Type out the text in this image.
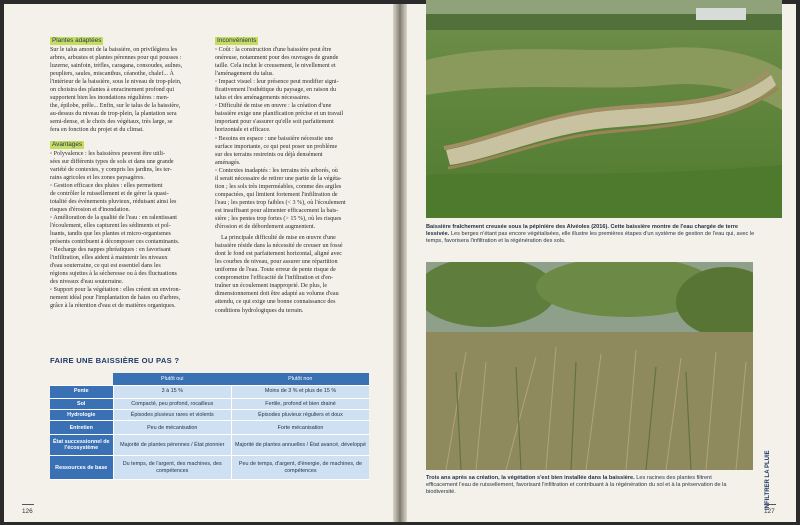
Plantes adaptées

Sur le talus amont de la baissière, on privilégiera les

arbres, arbustes et plantes pérennes pour qui pousses :

luzerne, sainfoin, trèfles, caragana, consoudes, aulnes,

peupliers, saules, miscanthus, céanothe, chalef... À

l'intérieur de la baissière, sous le niveau de trop-plein,

on choisira des plantes à enracinement profond qui

supportent bien les inondations régulières : men-

the, épilobe, prêle... Enfin, sur le talus de la baissière,

au-dessus du niveau de trop-plein, la plantation sera

semi-dense, et le choix des végétaux, très large, se

fera en fonction du projet et du climat.

Avantages

◦ Polyvalence : les baissières peuvent être utili-

sées sur différents types de sols et dans une grande

variété de contextes, y compris les jardins, les ter-

rains agricoles et les zones paysagères.

◦ Gestion efficace des pluies : elles permettent

de contrôler le ruissellement et de gérer la quasi-

totalité des événements pluvieux, réduisant ainsi les

risques d'érosion et d'inondation.

◦ Amélioration de la qualité de l'eau : en ralentissant

l'écoulement, elles capturent les sédiments et pol-

luants, tandis que les plantes et micro-organismes

présents contribuent à décomposer ces contaminants.

◦ Recharge des nappes phréatiques : en favorisant

l'infiltration, elles aident à maintenir les niveaux

d'eau souterraine, ce qui est essentiel dans les

régions sujettes à la sécheresse ou à des fluctuations

des niveaux d'eau souterraine.

◦ Support pour la végétation : elles créent un environ-

nement idéal pour l'implantation de haies ou d'arbres,

grâce à la rétention d'eau et de matières organiques.

Inconvénients

◦ Coût : la construction d'une baissière peut être

onéreuse, notamment pour des ouvrages de grande

taille. Cela inclut le creusement, le nivellement et

l'aménagement du talus.

◦ Impact visuel : leur présence peut modifier signi-

ficativement l'esthétique du paysage, en raison du

talus et des aménagements nécessaires.

◦ Difficulté de mise en œuvre : la création d'une

baissière exige une planification précise et un travail

important pour s'assurer qu'elle soit parfaitement

horizontale et efficace.

◦ Besoins en espace : une baissière nécessite une

surface importante, ce qui peut poser un problème

sur des terrains restreints ou déjà densément

aménagés.

◦ Contextes inadaptés : les terrains très arborés, où

il serait nécessaire de retirer une partie de la végéta-

tion ; les sols très imperméables, comme des argiles

compactées, qui limitent fortement l'infiltration de

l'eau ; les pentes trop faibles (< 3 %), où l'écoulement

est insuffisant pour alimenter efficacement la bais-

sière ; les pentes trop fortes (> 15 %), où les risques

d'érosion et de débordement augmentent.

La principale difficulté de mise en œuvre d'une

baissière réside dans la nécessité de creuser un fossé

dont le fond est parfaitement horizontal, aligné avec

les courbes de niveau, pour assurer une répartition

uniforme de l'eau. Toute erreur de pente risque de

compromettre l'efficacité de l'infiltration et d'en-

traîner un écoulement inapproprié. De plus, le

dimensionnement doit être adapté au volume d'eau

attendu, ce qui exige une bonne connaissance des

conditions hydrologiques du terrain.

FAIRE UNE BAISSIÈRE OU PAS ?
	Plutôt oui	Plutôt non
Pente	3 à 15 %	Moins de 3 % et plus de 15 %
Sol	Compacté, peu profond, rocailleux	Fertile, profond et bien drainé
Hydrologie	Épisodes pluvieux rares et violents	Épisodes pluvieux réguliers et doux
Entretien	Peu de mécanisation	Forte mécanisation
État successionnel de l'écosystème	Majorité de plantes pérennes / État pionnier	Majorité de plantes annuelles / État avancé, développé
Ressources de base	Du temps, de l'argent, des machines, des compétences	Peu de temps, d'argent, d'énergie, de machines, de compétences
126
Baissière fraîchement creusée sous la pépinière des Alvéoles (2016). Cette baissière montre de l'eau chargée de terre lessivée. Les berges n'étant pas encore végétalisées, elle illustre les premières étapes d'un système de gestion de l'eau qui, avec le temps, favorisera l'infiltration et la régénération des sols.
Trois ans après sa création, la végétation s'est bien installée dans la baissière. Les racines des plantes filtrent efficacement l'eau de ruissellement, favorisant l'infiltration et contribuant à la régénération du sol et à la préservation de la biodiversité.	INFILTRER LA PLUIE
127
